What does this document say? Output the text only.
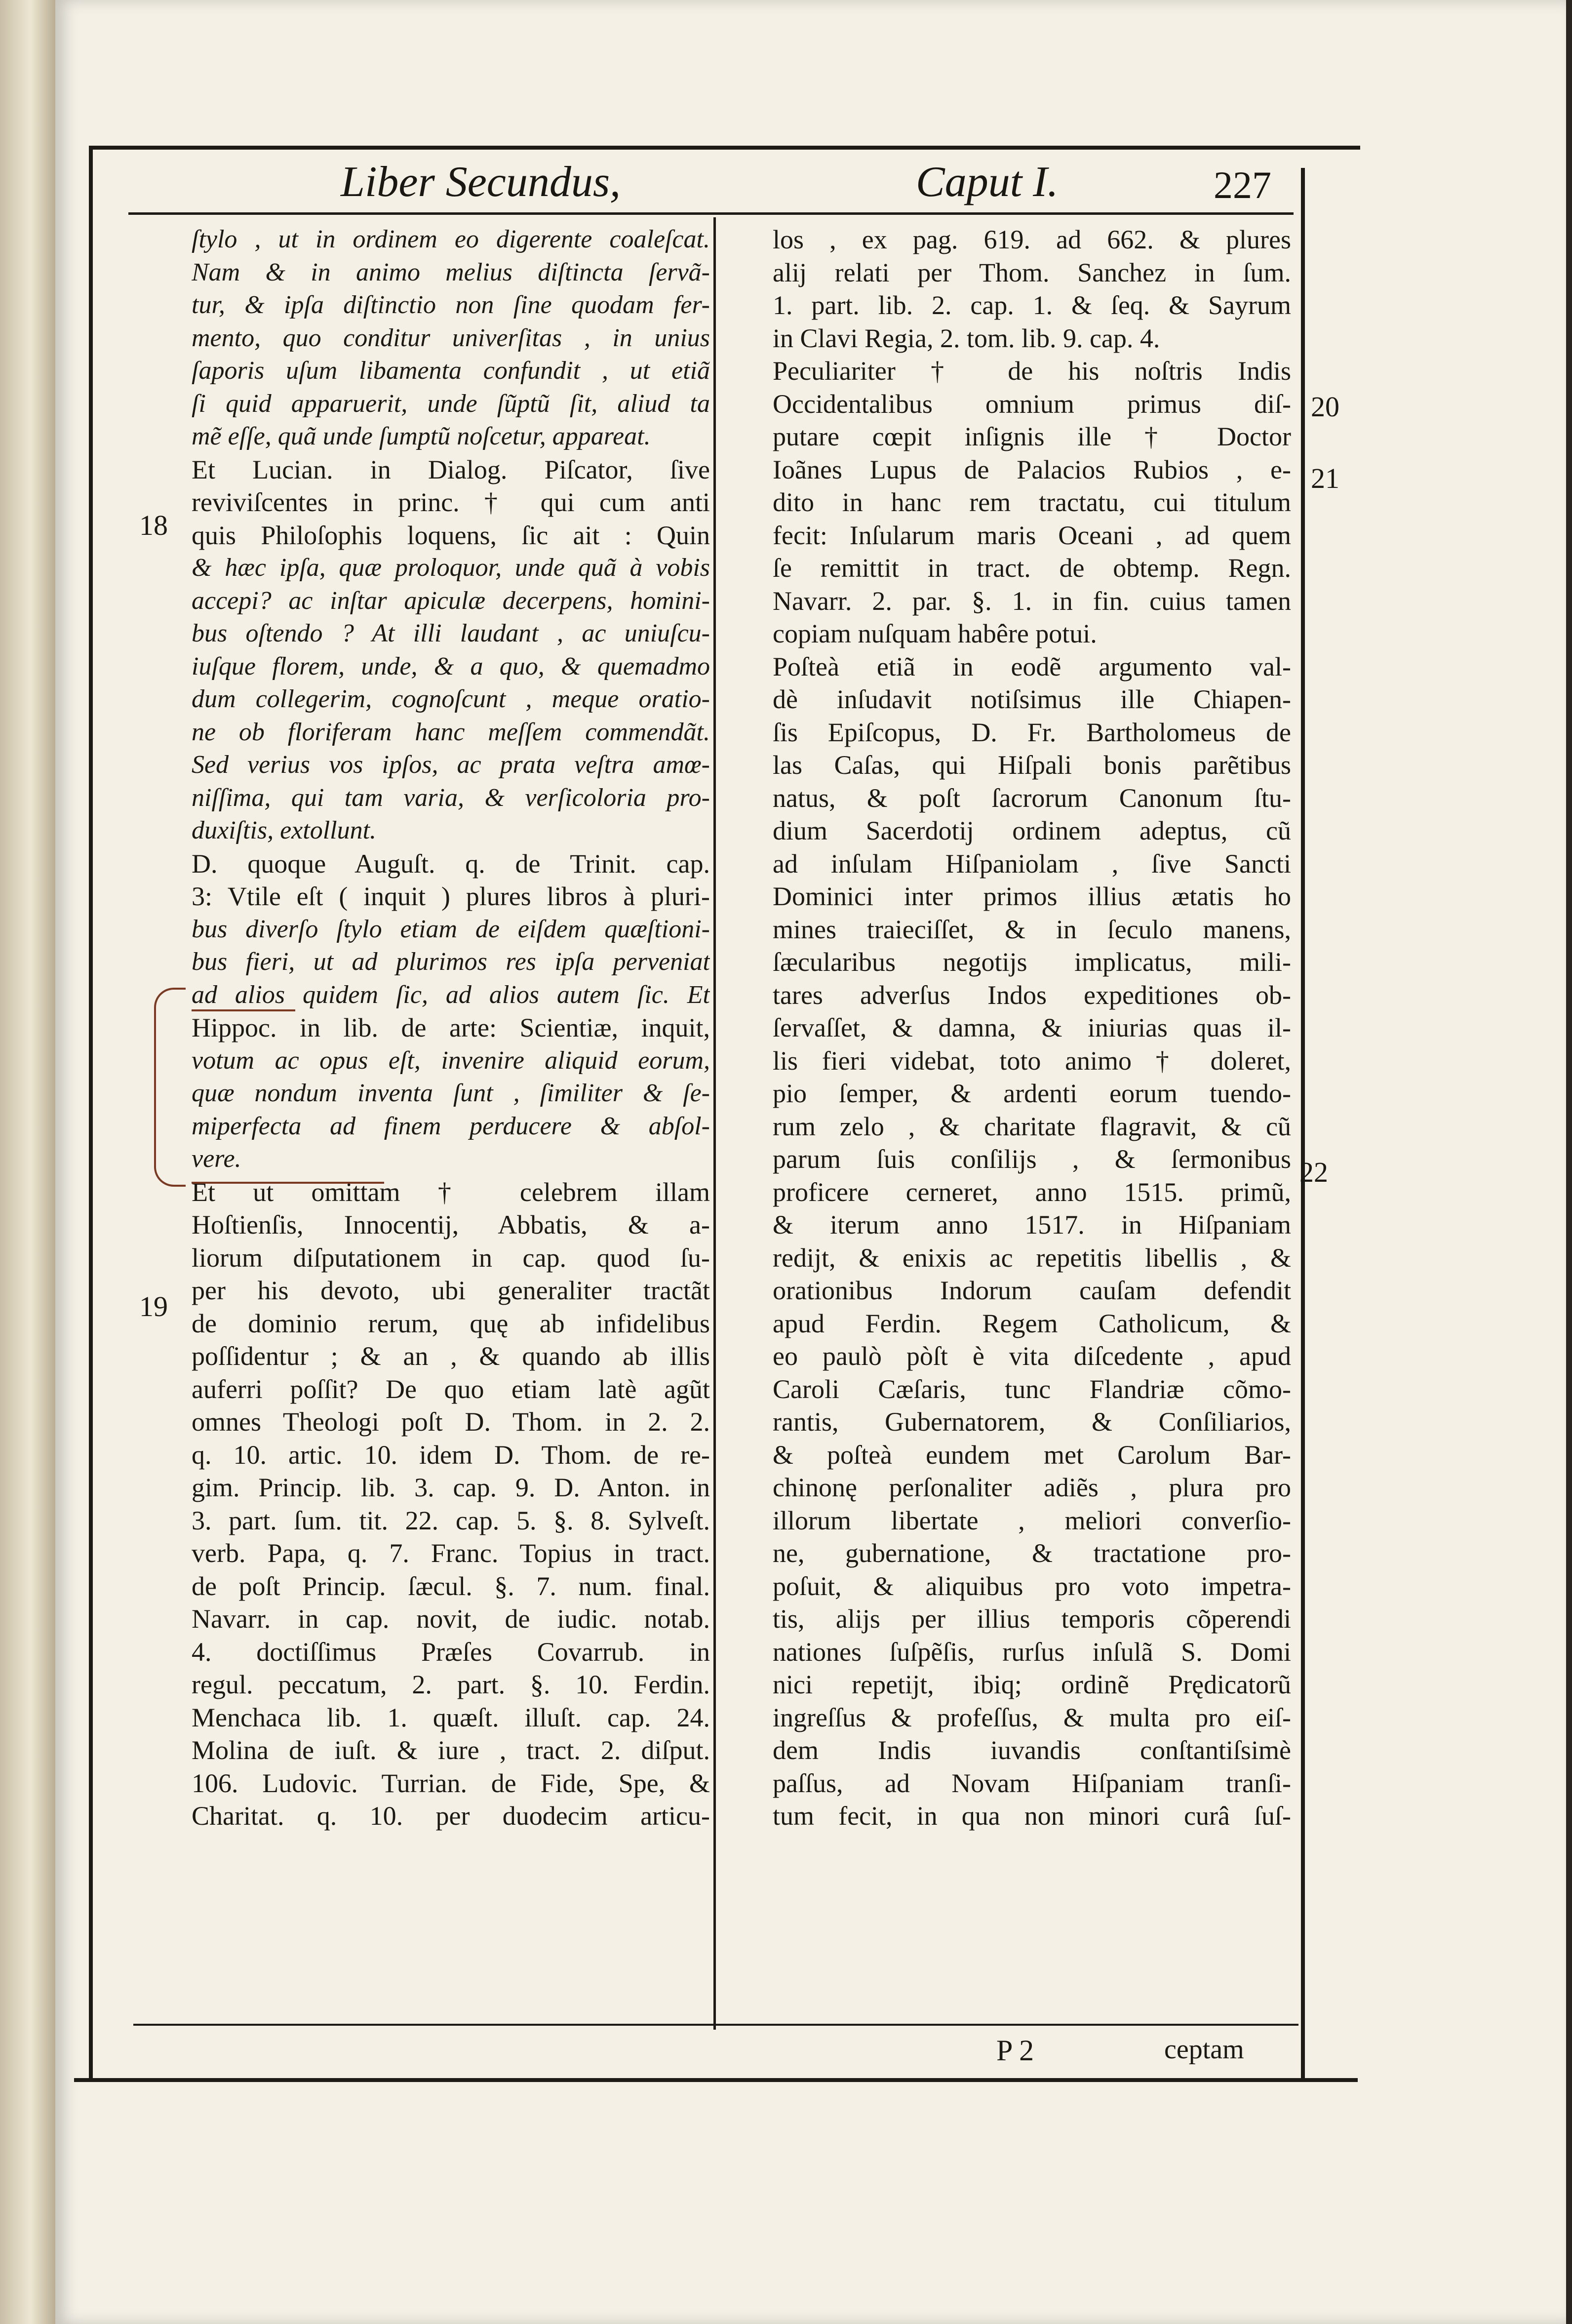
Liber Secundus,	Caput I.	227
ſtylo , ut in ordinem eo digerente coaleſcat.
Nam & in animo melius diſtincta ſervã-
tur, & ipſa diſtinctio non ſine quodam fer-
mento, quo conditur univerſitas , in unius
ſaporis uſum libamenta confundit , ut etiã
ſi quid apparuerit, unde ſũptũ ſit, aliud ta
mẽ eſſe, quã unde ſumptũ noſcetur, appareat.
Et Lucian. in Dialog. Piſcator, ſive
reviviſcentes in princ. † qui cum anti
quis Philoſophis loquens, ſic ait : Quin
& hæc ipſa, quæ proloquor, unde quã à vobis
accepi? ac inſtar apiculæ decerpens, homini-
bus oſtendo ? At illi laudant , ac uniuſcu-
iuſque florem, unde, & a quo, & quemadmo
dum collegerim, cognoſcunt , meque oratio-
ne ob floriferam hanc meſſem commendãt.
Sed verius vos ipſos, ac prata veſtra amœ-
niſſima, qui tam varia, & verſicoloria pro-
duxiſtis, extollunt.
D. quoque Auguſt. q. de Trinit. cap.
3: Vtile eſt ( inquit ) plures libros à pluri-
bus diverſo ſtylo etiam de eiſdem quæſtioni-
bus fieri, ut ad plurimos res ipſa perveniat
ad alios quidem ſic, ad alios autem ſic. Et
Hippoc. in lib. de arte: Scientiæ, inquit,
votum ac opus eſt, invenire aliquid eorum,
quæ nondum inventa ſunt , ſimiliter & ſe-
miperfecta ad finem perducere & abſol-
vere.
Et ut omittam † celebrem illam
Hoſtienſis, Innocentij, Abbatis, & a-
liorum diſputationem in cap. quod ſu-
per his devoto, ubi generaliter tractãt
de dominio rerum, quę ab infidelibus
poſſidentur ; & an , & quando ab illis
auferri poſſit? De quo etiam latè agũt
omnes Theologi poſt D. Thom. in 2. 2.
q. 10. artic. 10. idem D. Thom. de re-
gim. Princip. lib. 3. cap. 9. D. Anton. in
3. part. ſum. tit. 22. cap. 5. §. 8. Sylveſt.
verb. Papa, q. 7. Franc. Topius in tract.
de poſt Princip. ſæcul. §. 7. num. final.
Navarr. in cap. novit, de iudic. notab.
4. doctiſſimus Præſes Covarrub. in
regul. peccatum, 2. part. §. 10. Ferdin.
Menchaca lib. 1. quæſt. illuſt. cap. 24.
Molina de iuſt. & iure , tract. 2. diſput.
106. Ludovic. Turrian. de Fide, Spe, &
Charitat. q. 10. per duodecim articu-
los , ex pag. 619. ad 662. & plures
alij relati per Thom. Sanchez in ſum.
1. part. lib. 2. cap. 1. & ſeq. & Sayrum
in Clavi Regia, 2. tom. lib. 9. cap. 4.
Peculiariter † de his noſtris Indis
Occidentalibus omnium primus diſ-
putare cœpit inſignis ille † Doctor
Ioãnes Lupus de Palacios Rubios , e-
dito in hanc rem tractatu, cui titulum
fecit: Inſularum maris Oceani , ad quem
ſe remittit in tract. de obtemp. Regn.
Navarr. 2. par. §. 1. in fin. cuius tamen
copiam nuſquam habêre potui.
Poſteà etiã in eodẽ argumento val-
dè inſudavit notiſsimus ille Chiapen-
ſis Epiſcopus, D. Fr. Bartholomeus de
las Caſas, qui Hiſpali bonis parẽtibus
natus, & poſt ſacrorum Canonum ſtu-
dium Sacerdotij ordinem adeptus, cũ
ad inſulam Hiſpaniolam , ſive Sancti
Dominici inter primos illius ætatis ho
mines traieciſſet, & in ſeculo manens,
ſæcularibus negotijs implicatus, mili-
tares adverſus Indos expeditiones ob-
ſervaſſet, & damna, & iniurias quas il-
lis fieri videbat, toto animo † doleret,
pio ſemper, & ardenti eorum tuendo-
rum zelo , & charitate flagravit, & cũ
parum ſuis conſilijs , & ſermonibus
proficere cerneret, anno 1515. primũ,
& iterum anno 1517. in Hiſpaniam
redijt, & enixis ac repetitis libellis , &
orationibus Indorum cauſam defendit
apud Ferdin. Regem Catholicum, &
eo paulò pòſt è vita diſcedente , apud
Caroli Cæſaris, tunc Flandriæ cõmo-
rantis, Gubernatorem, & Conſiliarios,
& poſteà eundem met Carolum Bar-
chinonę perſonaliter adiẽs , plura pro
illorum libertate , meliori converſio-
ne, gubernatione, & tractatione pro-
poſuit, & aliquibus pro voto impetra-
tis, alijs per illius temporis cõperendi
nationes ſuſpẽſis, rurſus inſulã S. Domi
nici repetijt, ibiq; ordinẽ Prędicatorũ
ingreſſus & profeſſus, & multa pro eiſ-
dem Indis iuvandis conſtantiſsimè
paſſus, ad Novam Hiſpaniam tranſi-
tum fecit, in qua non minori curâ ſuſ-
18
19
20
21
22
P 2	ceptam
